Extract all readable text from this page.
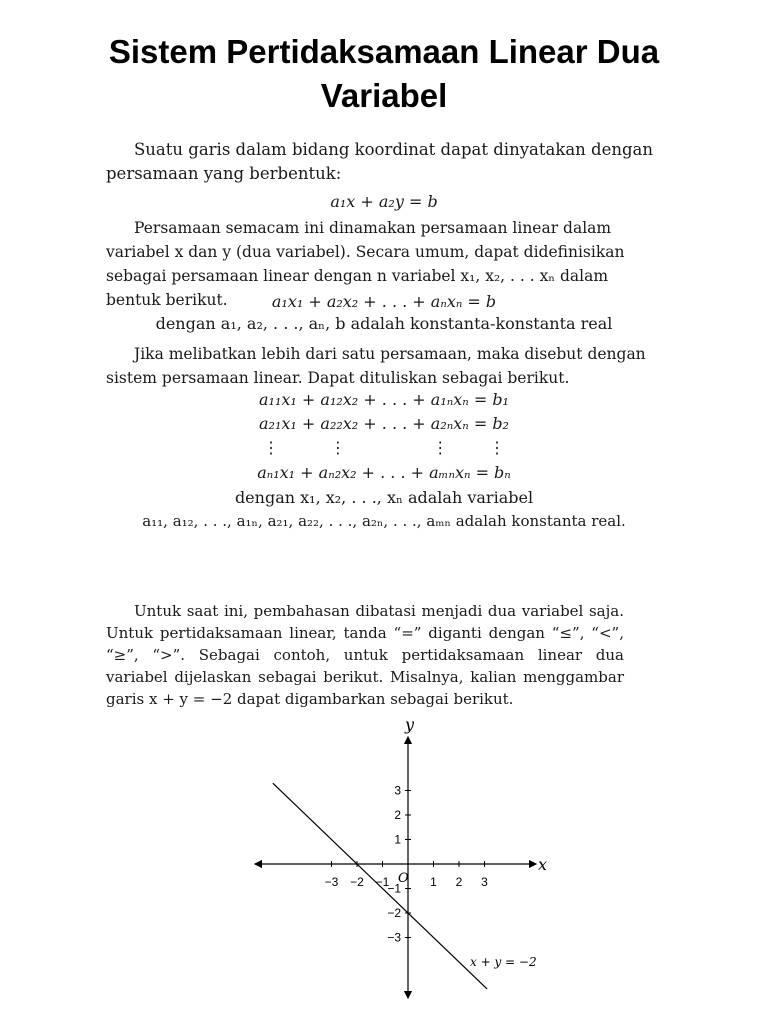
Sistem Pertidaksamaan Linear Dua
Variabel

Suatu garis dalam bidang koordinat dapat dinyatakan dengan persamaan yang berbentuk:

a₁x + a₂y = b

Persamaan semacam ini dinamakan persamaan linear dalam variabel x dan y (dua variabel). Secara umum, dapat didefinisikan sebagai persamaan linear dengan n variabel x₁, x₂, . . . xₙ dalam bentuk berikut.	a₁x₁ + a₂x₂ + . . . + aₙxₙ = b
dengan a₁, a₂, . . ., aₙ, b adalah konstanta-konstanta real

Jika melibatkan lebih dari satu persamaan, maka disebut dengan sistem persamaan linear. Dapat dituliskan sebagai berikut.

a₁₁x₁ + a₁₂x₂ + . . . + a₁ₙxₙ = b₁
a₂₁x₁ + a₂₂x₂ + . . . + a₂ₙxₙ = b₂
⋮          ⋮                 ⋮        ⋮
aₙ₁x₁ + aₙ₂x₂ + . . . + aₘₙxₙ = bₙ
dengan x₁, x₂, . . ., xₙ adalah variabel
a₁₁, a₁₂, . . ., a₁ₙ, a₂₁, a₂₂, . . ., a₂ₙ, . . ., aₘₙ adalah konstanta real.

Untuk saat ini, pembahasan dibatasi menjadi dua variabel saja. Untuk pertidaksamaan linear, tanda “=” diganti dengan “≤”, “<”, “≥”, “>”. Sebagai contoh, untuk pertidaksamaan linear dua variabel dijelaskan sebagai berikut. Misalnya, kalian menggambar garis x + y = −2 dapat digambarkan sebagai berikut.

x
y
O
−3 −2 −1	1 2 3
3
2
1
−1
−2
−3
x + y = −2
